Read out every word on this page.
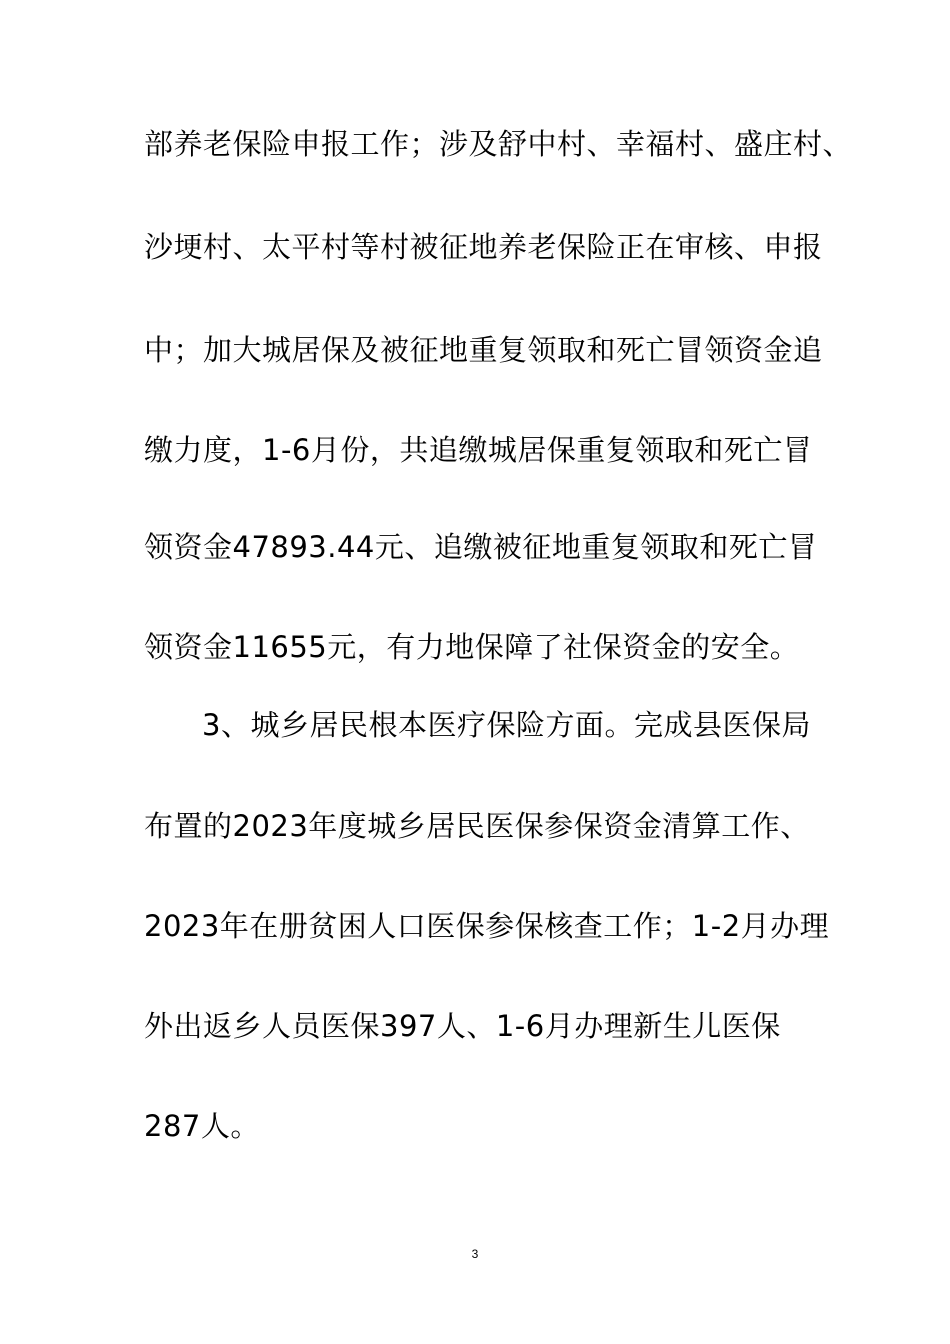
部养老保险申报工作；涉及舒中村、幸福村、盛庄村、
沙埂村、太平村等村被征地养老保险正在审核、申报
中；加大城居保及被征地重复领取和死亡冒领资金追
缴力度，1-6月份，共追缴城居保重复领取和死亡冒
领资金47893.44元、追缴被征地重复领取和死亡冒
领资金11655元，有力地保障了社保资金的安全。
3、城乡居民根本医疗保险方面。完成县医保局
布置的2023年度城乡居民医保参保资金清算工作、
2023年在册贫困人口医保参保核查工作；1-2月办理
外出返乡人员医保397人、1-6月办理新生儿医保
287人。
3
